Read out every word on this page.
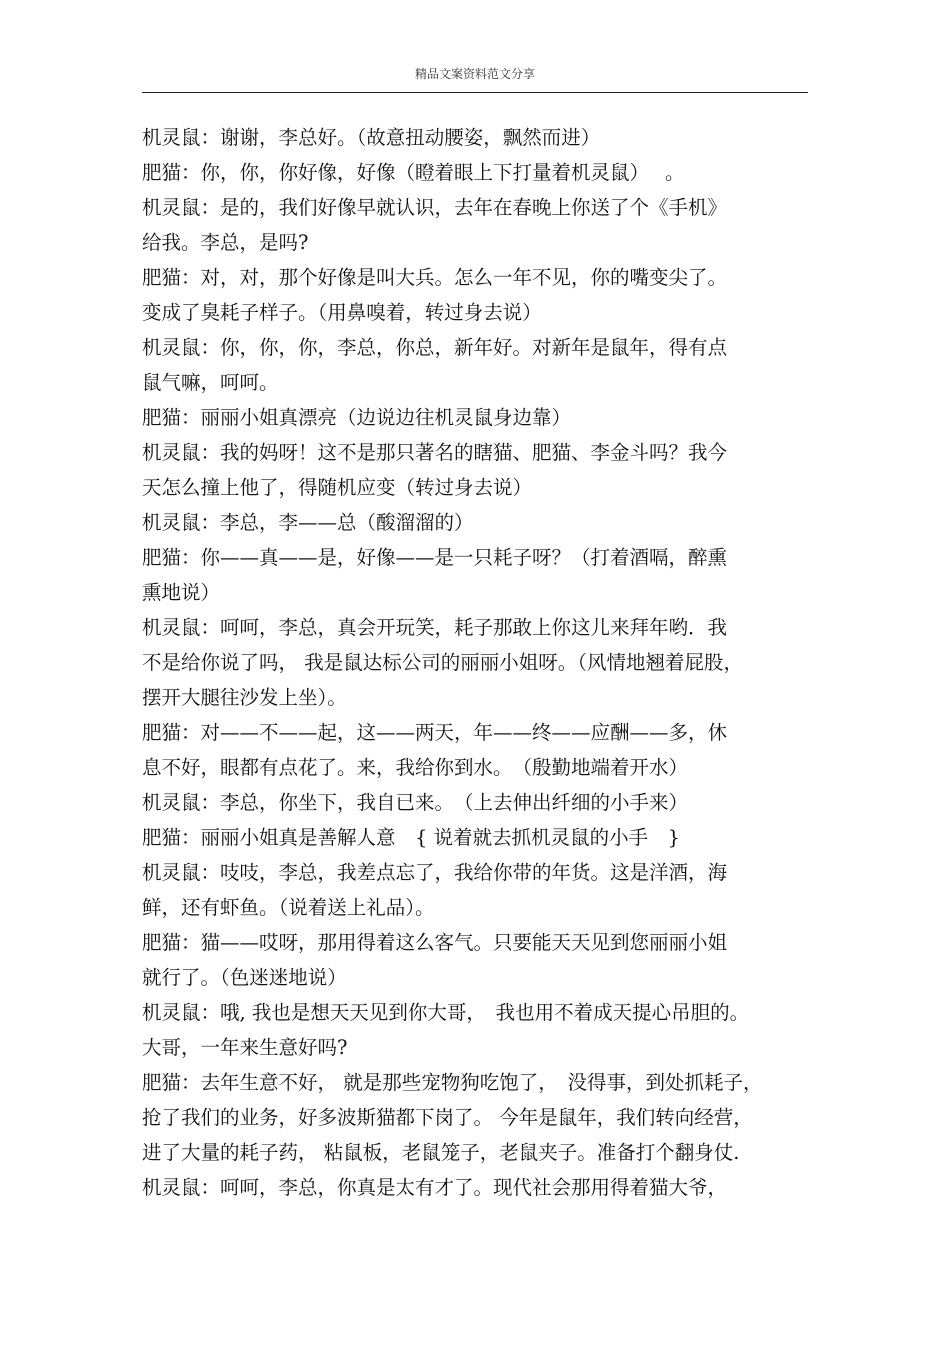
精品文案资料范文分享
机灵鼠：谢谢，李总好。（故意扭动腰姿，飘然而进）
肥猫：你，你，你好像，好像（瞪着眼上下打量着机灵鼠）　 。
机灵鼠：是的，我们好像早就认识，去年在春晚上你送了个《手机》
给我。李总，是吗?
肥猫：对，对，那个好像是叫大兵。怎么一年不见，你的嘴变尖了。
变成了臭耗子样子。（用鼻嗅着，转过身去说）
机灵鼠：你，你，你，李总，你总，新年好。对新年是鼠年，得有点
鼠气嘛，呵呵。
肥猫：丽丽小姐真漂亮（边说边往机灵鼠身边靠）
机灵鼠：我的妈呀！这不是那只著名的瞎猫、肥猫、李金斗吗？我今
天怎么撞上他了，得随机应变（转过身去说）
机灵鼠：李总，李——总（酸溜溜的）
肥猫：你——真——是，好像——是一只耗子呀？（打着酒嗝，醉熏
熏地说）
机灵鼠：呵呵，李总，真会开玩笑，耗子那敢上你这儿来拜年哟．我
不是给你说了吗， 我是鼠达标公司的丽丽小姐呀。（风情地翘着屁股，
摆开大腿往沙发上坐）。
肥猫：对——不——起，这——两天，年——终——应酬——多，休
息不好，眼都有点花了。来，我给你到水。　（殷勤地端着开水）
机灵鼠：李总，你坐下，我自已来。　（上去伸出纤细的小手来）
肥猫：丽丽小姐真是善解人意　{ 说着就去抓机灵鼠的小手　}
机灵鼠：吱吱，李总，我差点忘了，我给你带的年货。这是洋酒，海
鲜，还有虾鱼。（说着送上礼品）。
肥猫：猫——哎呀，那用得着这么客气。只要能天天见到您丽丽小姐
就行了。（色迷迷地说）
机灵鼠：哦, 我也是想天天见到你大哥，　我也用不着成天提心吊胆的。
大哥，一年来生意好吗?
肥猫：去年生意不好， 就是那些宠物狗吃饱了，　没得事，到处抓耗子，
抢了我们的业务，好多波斯猫都下岗了。 今年是鼠年，我们转向经营，
进了大量的耗子药， 粘鼠板，老鼠笼子，老鼠夹子。准备打个翻身仗.
机灵鼠：呵呵，李总，你真是太有才了。现代社会那用得着猫大爷，
